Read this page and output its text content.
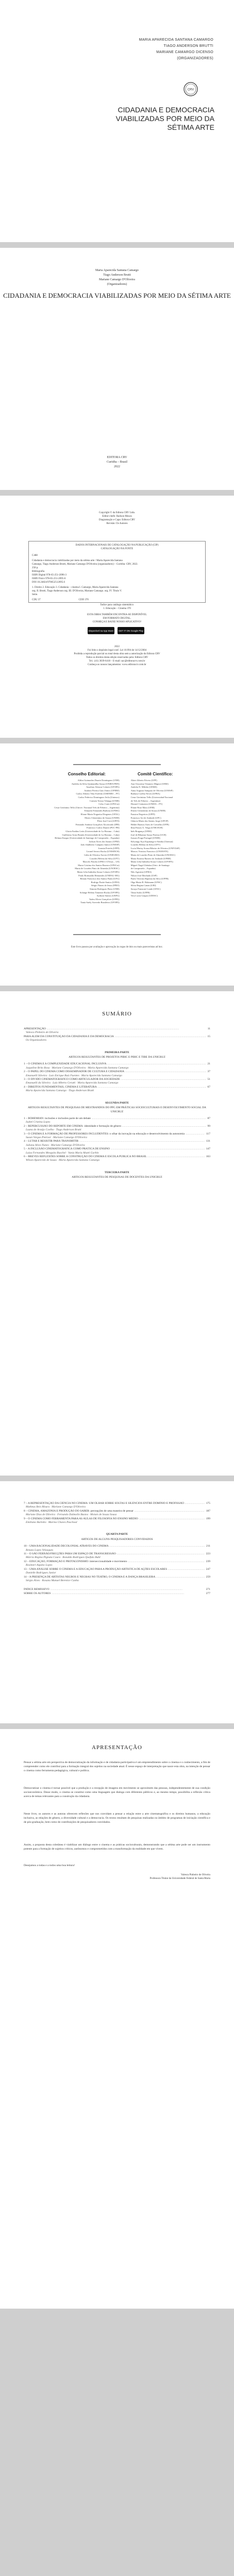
MARIA APARECIDA SANTANA CAMARGO
TIAGO ANDERSON BRUTTI
MARIANE CAMARGO DICENSO
(ORGANIZADORES)
CRV
CIDADANIA E DEMOCRACIA VIABILIZADAS POR MEIO DA SÉTIMA ARTE
Maria Aparecida Santana Camargo
Tiago Anderson Brutti
Mariane Camargo D'Oliveira
(Organizadores)
CIDADANIA E DEMOCRACIA VIABILIZADAS POR MEIO DA SÉTIMA ARTE
EDITORA CRV
Curitiba – Brasil
2022
Copyright © da Editora CRV Ltda.
Editor-chefe: Railson Moura
Diagramação e Capa: Editora CRV
Revisão: Os Autores
DADOS INTERNACIONAIS DE CATALOGAÇÃO NA PUBLICAÇÃO (CIP)
CATALOGAÇÃO NA FONTE
C488
Cidadania e democracia viabilizadas por meio da sétima arte / Maria Aparecida Santana
Camargo, Tiago Anderson Brutti, Mariane Camargo D'Oliveira (organizadores) – Curitiba: CRV, 2022.
258 p.
Bibliografia
ISBN Digital 978-65-251-2096-3
ISBN Físico 978-65-251-2095-6
DOI 10.24824/978652512095.6
1. Direito 2. Educação 3. Cidadania – cinema I. Camargo, Maria Aparecida Santana
org. II. Brutti, Tiago Anderson org. III. D'Oliveira, Mariane Camargo. org. IV. Título V.
Série.
CDU 37                                                           CDD 370
Índice para catálogo sistemático
1. Educação – Cinema 370
ESTA OBRA TAMBÉM ENCONTRA-SE DISPONÍVEL
EM FORMATO DIGITAL.
CONHEÇA E BAIXE NOSSO APLICATIVO!
Disponível na App Store	GET IT ON Google Play
2022
Foi feito o depósito legal conf. Lei 10.994 de 14/12/2004
Proibida a reprodução parcial ou total desta obra sem a autorização da Editora CRV
Todos os direitos desta edição reservados pela: Editora CRV
Tel.: (41) 3039-6418 – E-mail: sac@editoracrv.com.br
Conheça os nossos lançamentos: www.editoracrv.com.br
Conselho Editorial:
Aldira Guimarães Duarte Domínguez (UNB)
Andréia da Silva Quintanilha Sousa (UNIR/UFRN)
Anselmo Alencar Colares (UFOPA)
Antônio Pereira Gaio Júnior (UFRRJ)
Carlos Alberto Vilar Estêvão (UMINHO – PT)
Carlos Federico Dominguez Avila (Unieuro)
Carmen Tereza Velanga (UNIR)
Celso Conti (UFSCar)
Cesar Gerónimo Tello (Univer .Nacional Três de Febrero – Argentina)
Eduardo Fernandes Barbosa (UFMG)
Elione Maria Nogueira Diogenes (UFAL)
Elizeu Clementino de Souza (UNEB)
Élsio José Corá (UFFS)
Fernando Antônio Gonçalves Alcoforado (IPB)
Francisco Carlos Duarte (PUC-PR)
Gloria Fariñas León (Universidade de La Havana – Cuba)
Guillermo Arias Beatón (Universidade de La Havana – Cuba)
Helmut Kaspar (Universidade de Santiago de Compostela – Espanha)
Jailson Alves dos Santos (UFRJ)
João Adalberto Campato Junior (UNESP)
Josania Portela (UFPI)
Leonel Severo Rocha (UNISINOS)
Lídia de Oliveira Xavier (UNIEURO)
Lourdes Helena da Silva (UFV)
Marcelo Paixão (UFRJ e UTexas – US)
Maria Cristina dos Santos Bezerra (UFSCar)
Maria de Lourdes Pinto de Almeida (UNOESC)
Maria Lília Imbiriba Sousa Colares (UFOPA)
Paulo Romualdo Hernandes (UNIFAL-MG)
Renato Francisco dos Santos Paula (UFG)
Rodrigo Pratte-Santos (UFES)
Sérgio Nunes de Jesus (IFRO)
Simone Rodrigues Pinto (UNB)
Solange Helena Ximenes-Rocha (UFOPA)
Sydione Santos (UEPG)
Tadeu Oliver Gonçalves (UFPA)
Tania Suely Azevedo Brasileiro (UFOPA)
Comitê Científico:
Altair Alberto Fávero (UPF)
Ana Chrystina Venancio Mignot (UERJ)
Andréia N. Militão (UEMS)
Anna Augusta Sampaio de Oliveira (UNESP)
Barbara Coelho Neves (UFBA)
Cesar Gerónimo Tello (Universidad Nacional
de Três de Febrero – Argentina)
Diosnel Centurion (UNIDA – PY)
Eliane Rose Maio (UEM)
Elizeu Clementino de Souza (UNEB)
Fauston Negreiros (UFPI)
Francisco Ari de Andrade (UFC)
Gláucia Maria dos Santos Jorge (UFOP)
Helder Buenos Aires de Carvalho (UFPI)
Ilma Passos A. Veiga (UNICEUB)
Inês Bragança (UERJ)
José de Ribamar Sousa Pereira (UCB)
Jussara Fraga Portugal (UNEB)
Kilwangy Kya Kapitango-a-Samba (Unemat)
Lourdes Helena da Silva (UFV)
Lucia Marisy Souza Ribeiro de Oliveira (UNIVASF)
Marcos Vinicius Francisco (UNOESTE)
Maria de Lourdes Pinto de Almeida (UNOESC)
Maria Eurácia Barreto de Andrade (UFRB)
Maria Lília Imbiriba Sousa Colares (UFOPA)
Míguel Ángel Zabalza (Univ. de Santiago
de Compostela – Espanha)
Nilo Agostini (UFBA)
Nilson José Machado (USP)
Paulo Vinicius Baptista da Silva (UFPR)
Olga Maria B. Hohmann (UFSC)
Sílvia Regina Canan (URI)
Soraya Franzoni Conde (UFSC)
Tânia Stoltz (UFPR)
Vera Lucia Gaspar (UDESC)
Este livro passou por avaliação e aprovação às cegas de dois ou mais pareceristas ad hoc.
SUMÁRIO
APRESENTAÇÃO .....	11
Valesca Pinheiro de Oliveira
PARA ALÉM DA CONSTITUIÇÃO DA CIDADANIA E DA DEMOCRACIA .....	15
Os Organizadores
PRIMEIRA PARTE
ARTIGOS RESULTANTES DE PROJETOS PIBIC E PIBIC E TIBE DA UNICRUZ
1 – O CINEMA E A COMPLEXIDADE EDUCACIONAL INCLUSIVA .....	21
Jaqueline Brito Rosa · Mariane Camargo D'Oliveira · Maria Aparecida Santana Camargo
2 – O PAPEL DO CINEMA COMO DISSEMINADOR DE CULTURA E CIDADANIA .....	37
Emanuelli Silveira · Luis Enrique Ruiz Fuentes · Maria Aparecida Santana Camargo
3 – O DÍVIDO CINEMATOGRÁFICO COMO ARTICULADOR DA SOCIEDADE .....	51
Emanuelli da Silveira · Luiz Alberto Cerutti · Maria Aparecida Santana Camargo
4 – DIREITOS FUNDAMENTAIS, CINEMA E LITERATURA .....	67
Maria Aparecida Santana Camargo · Tiago Anderson Brutti
SEGUNDA PARTE
ARTIGOS RESULTANTES DE PESQUISAS DE MESTRANDOS DO PPG EM PRÁTICAS SOCIOCULTURAIS E DESENVOLVIMENTO SOCIAL DA UNICRUZ
1 – BOHEMIAN: inclusões e inclusões parte de um debate .....	87
Isabel Cristina Lopes
2 – REPERCUSSÃO DO REPORTE EM CINEMA: identidade e formação de gênero .....	99
Luana de Araújo Coelho · Tiago Anderson Brutti
3 – O CINEMA E A FORMAÇÃO DE PROFESSORES INCLUDENTES: o olhar da inovação na educação e desenvolvimento da autonomia .....	117
Susan Vargas Pietrzar · Mariane Camargo D'Oliveira
4 – LUTAR E RESISTIR PARA TRANSMITIR .....	131
Juliana Alves Nunes · Mariane Camargo D'Oliveira
5 – A INCLUSÃO CINEMATOGRÁFICA COMO PRÁTICA DE ENSINO .....	147
Luiza Fernandes Mesquita Ruschel · Vania Maria Abatti Garbin
6 – BREVES REFLEXÕES SOBRE A CONSTRUÇÃO DO CINEMA E ESCOLA PÚBLICA NO BRASIL .....	163
Wilson Aparecido de Souza · Maria Aparecida Santana Camargo
TERCEIRA PARTE
ARTIGOS RESULTANTES DE PESQUISAS DE DOCENTES DA UNICRUZ
7 – A REPRESENTAÇÃO DA CIÊNCIA NO CINEMA: UM OLHAR SOBRE SOLTAS E SILÊNCIOS ENTRE DOMÍNIO E PROFISSÃO .....	175
Matheus Reis Moura · Mariane Camargo D'Oliveira
8 – CINEMA, AMAZÔNIA E PRODUÇÃO DO SABER: percepções de uma maneira de pensar .....	187
Mariane Dias de Oliveira · Fernando Dalmolin Bastos · Moisés de Souza Sousa
9 – O CINEMA COMO FERRAMENTA PARA AS AULAS DE FILOSOFIA NO ENSINO MÉDIO .....	199
Emiliano Barletto · Marina Chaves Paschoal
QUARTA PARTE
ARTIGOS DE ALGUNS PESQUISADORES CONVIDADOS
10 – UMA RACIONALIDADE DECOLONIAL ATRAVÉS DO CINEMA .....	211
Renata Lopes Velasques
11 – O SÃO FERNÃO/FRICÇÕES PARA UM ESPAÇO DE TRANSGRESSÃO .....	223
Márcia Regina Pignata Coura · Ronaldo Rodrigues Quefulo Buhl
12 – EDUCAÇÃO, FORMAÇÃO E PROTAGONISMO: interseccionalidade e movimento .....	239
Rosimeri Aquino Lopes
13 – UMA ANÁLISE SOBRE O CINEMA E A EDUCAÇÃO PARA A PRODUÇÃO ARTÍSTICA DE AÇÕES ESCOLARES .....	247
Danielle Rodrigues Junior
14 – A PRESENÇA DE ARTISTAS NEGROS E NEGRAS NO TEATRO, O CINEMA E A DANÇA BRASILEIRA .....	259
Sérgio Alves · Rosana Manuel Berenice Cunha
ÍNDICE REMISSIVO .....	271
SOBRE OS AUTORES .....	277
APRESENTAÇÃO
Pensar a sétima arte em perspectiva de democratização da informação e de cidadania participativa é um empreendimento sobre o cinema e o conhecimento, a fim de compreender como ele contribui para a formação integral dos sujeitos na sociedade atual. É nesse espaço de interpretação que nasce esta obra, na intenção de pensar o cinema como ferramenta pedagógica, cultural e política.
Democratizar o cinema é tornar possível que a produção e a recepção de imagens em movimento se aproximem das pessoas, independentemente de sua condição socioeconômica. Desse modo, o cinema se constitui como uma linguagem que dialoga com diferentes públicos e, ao mesmo tempo, possibilita a reflexão crítica acerca de temas relevantes para a construção da cidadania.
Neste livro, os autores e as autoras oferecem reflexões que nos convidam a pensar a relação entre a arte cinematográfica e os direitos humanos, a educação inclusiva, as relações de gênero, a diversidade cultural e a democracia. Os textos resultam de pesquisas realizadas no âmbito de programas de iniciação científica e de pós-graduação, bem como de contribuições de pesquisadores convidados.
Assim, a proposta desta coletânea é viabilizar um diálogo entre o cinema e as práticas socioculturais, demonstrando que a sétima arte pode ser um instrumento potente para a formação de sujeitos críticos, autônomos e comprometidos com a transformação da realidade em que vivem.
Desejamos a todas e a todos uma boa leitura!
Valesca Pinheiro de Oliveira
Professora Titular da Universidade Federal de Santa Maria
